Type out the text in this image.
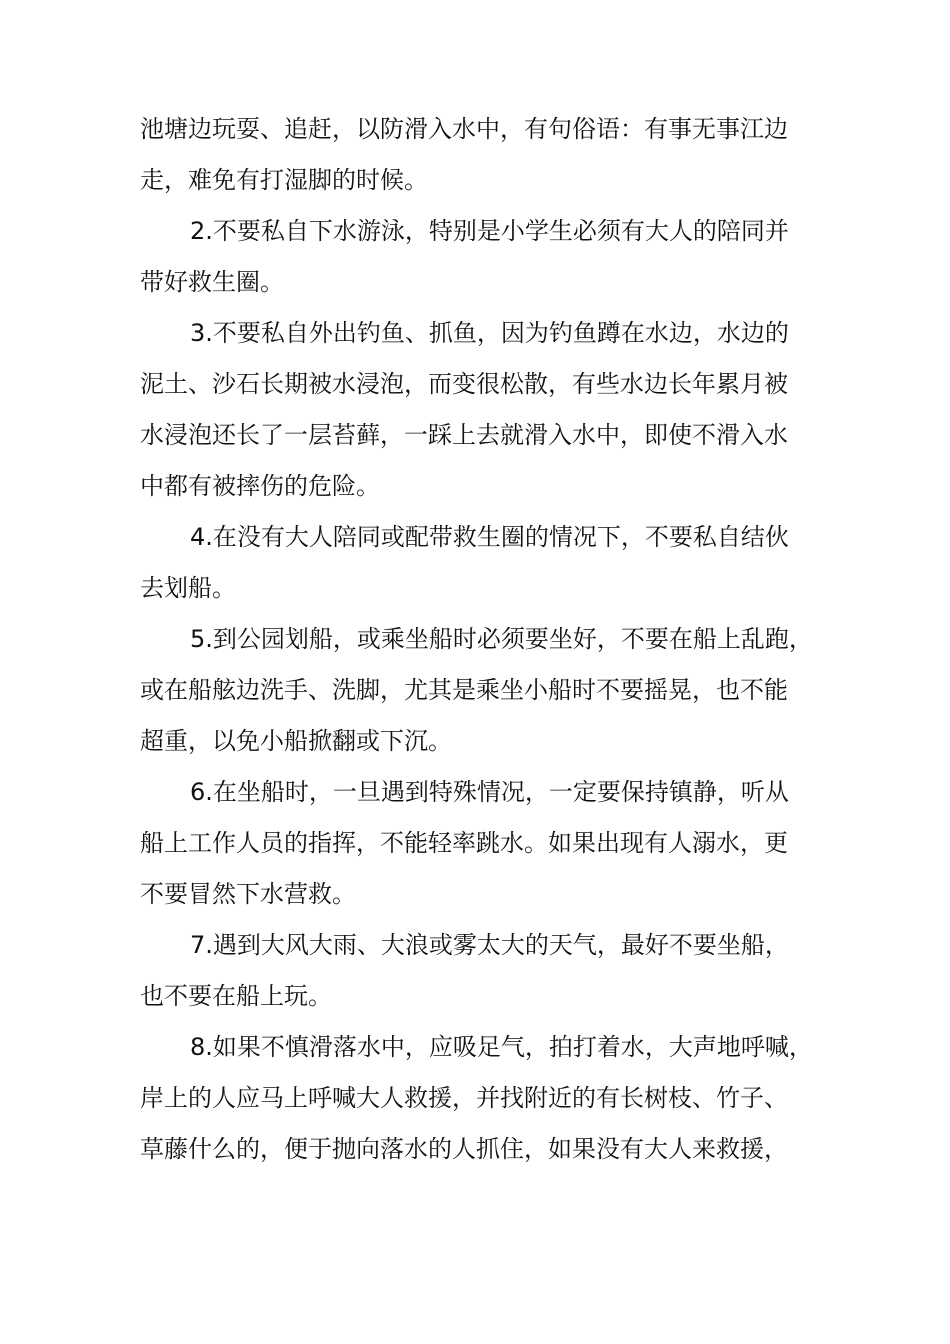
池塘边玩耍、追赶，以防滑入水中，有句俗语：有事无事江边
走，难免有打湿脚的时候。
2.不要私自下水游泳，特别是小学生必须有大人的陪同并
带好救生圈。
3.不要私自外出钓鱼、抓鱼，因为钓鱼蹲在水边，水边的
泥土、沙石长期被水浸泡，而变很松散，有些水边长年累月被
水浸泡还长了一层苔藓，一踩上去就滑入水中，即使不滑入水
中都有被摔伤的危险。
4.在没有大人陪同或配带救生圈的情况下，不要私自结伙
去划船。
5.到公园划船，或乘坐船时必须要坐好，不要在船上乱跑，
或在船舷边洗手、洗脚，尤其是乘坐小船时不要摇晃，也不能
超重，以免小船掀翻或下沉。
6.在坐船时，一旦遇到特殊情况，一定要保持镇静，听从
船上工作人员的指挥，不能轻率跳水。如果出现有人溺水，更
不要冒然下水营救。
7.遇到大风大雨、大浪或雾太大的天气，最好不要坐船，
也不要在船上玩。
8.如果不慎滑落水中，应吸足气，拍打着水，大声地呼喊，
岸上的人应马上呼喊大人救援，并找附近的有长树枝、竹子、
草藤什么的，便于抛向落水的人抓住，如果没有大人来救援，
